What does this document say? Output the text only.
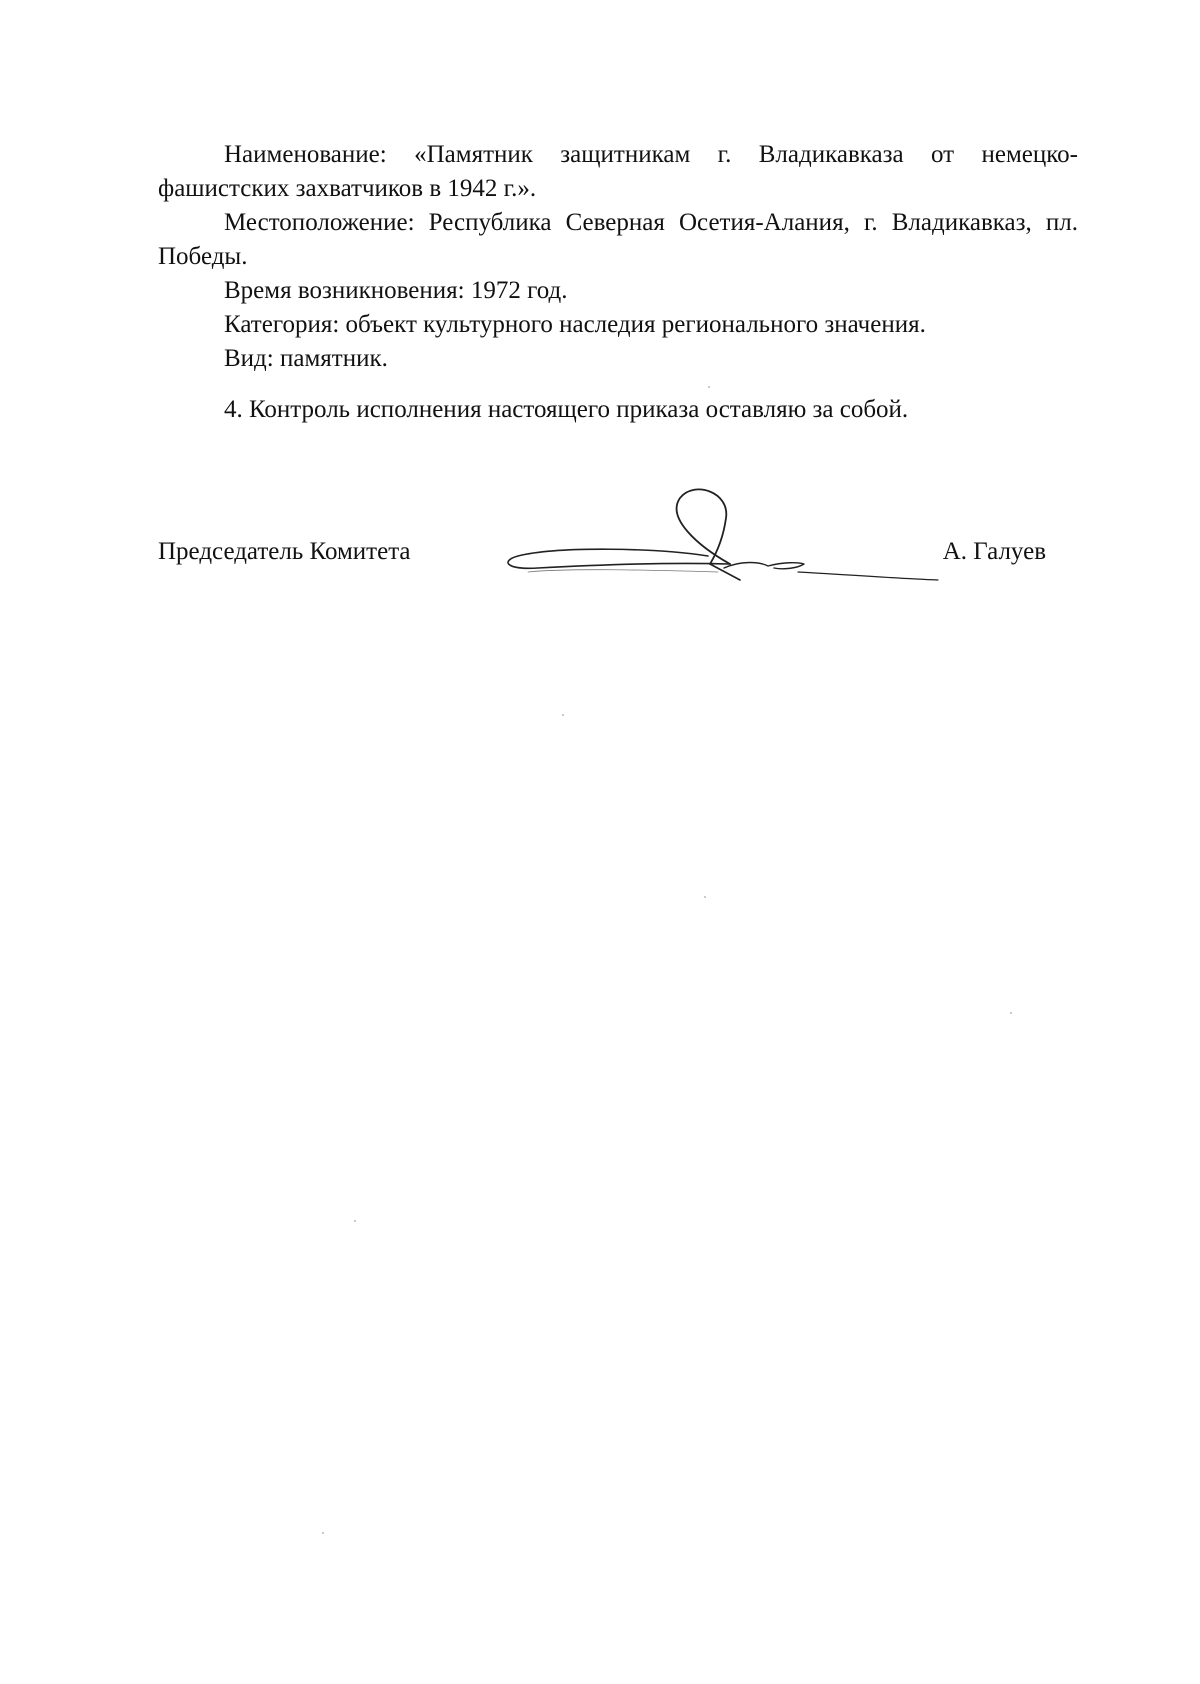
Наименование: «Памятник защитникам г. Владикавказа от немецко-фашистских захватчиков в 1942 г.».

Местоположение: Республика Северная Осетия-Алания, г. Владикавказ, пл. Победы.

Время возникновения: 1972 год.

Категория: объект культурного наследия регионального значения.

Вид: памятник.

4. Контроль исполнения настоящего приказа оставляю за собой.

Председатель Комитета	А. Галуев
